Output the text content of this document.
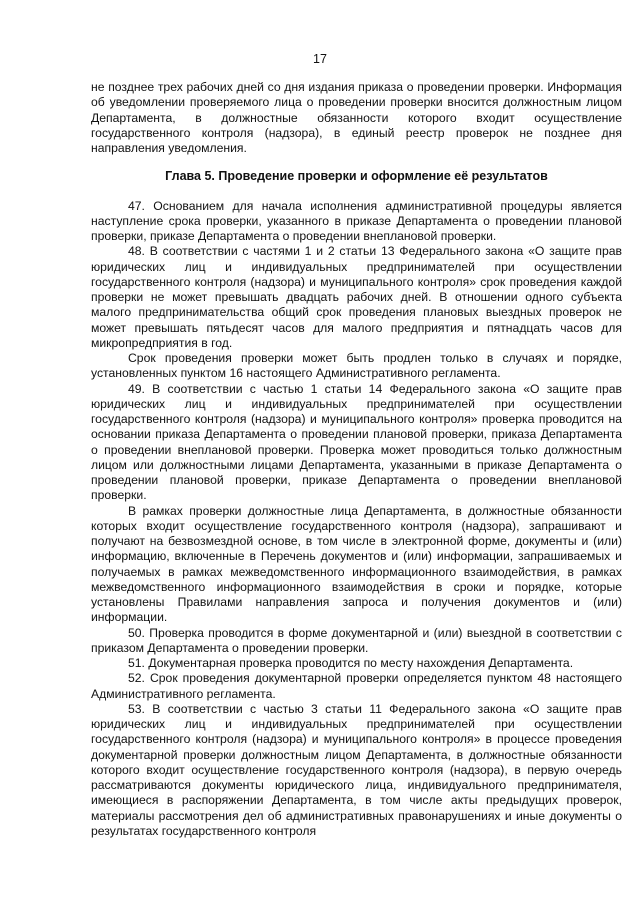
17

не позднее трех рабочих дней со дня издания приказа о проведении проверки. Информация об уведомлении проверяемого лица о проведении проверки вносится должностным лицом Департамента, в должностные обязанности которого входит осуществление государственного контроля (надзора), в единый реестр проверок не позднее дня направления уведомления.

Глава 5. Проведение проверки и оформление её результатов

47. Основанием для начала исполнения административной процедуры является наступление срока проверки, указанного в приказе Департамента о проведении плановой проверки, приказе Департамента о проведении внеплановой проверки.

48. В соответствии с частями 1 и 2 статьи 13 Федерального закона «О защите прав юридических лиц и индивидуальных предпринимателей при осуществлении государственного контроля (надзора) и муниципального контроля» срок проведения каждой проверки не может превышать двадцать рабочих дней. В отношении одного субъекта малого предпринимательства общий срок проведения плановых выездных проверок не может превышать пятьдесят часов для малого предприятия и пятнадцать часов для микропредприятия в год.

Срок проведения проверки может быть продлен только в случаях и порядке, установленных пунктом 16 настоящего Административного регламента.

49. В соответствии с частью 1 статьи 14 Федерального закона «О защите прав юридических лиц и индивидуальных предпринимателей при осуществлении государственного контроля (надзора) и муниципального контроля» проверка проводится на основании приказа Департамента о проведении плановой проверки, приказа Департамента о проведении внеплановой проверки. Проверка может проводиться только должностным лицом или должностными лицами Департамента, указанными в приказе Департамента о проведении плановой проверки, приказе Департамента о проведении внеплановой проверки.

В рамках проверки должностные лица Департамента, в должностные обязанности которых входит осуществление государственного контроля (надзора), запрашивают и получают на безвозмездной основе, в том числе в электронной форме, документы и (или) информацию, включенные в Перечень документов и (или) информации, запрашиваемых и получаемых в рамках межведомственного информационного взаимодействия, в рамках межведомственного информационного взаимодействия в сроки и порядке, которые установлены Правилами направления запроса и получения документов и (или) информации.

50. Проверка проводится в форме документарной и (или) выездной в соответствии с приказом Департамента о проведении проверки.

51. Документарная проверка проводится по месту нахождения Департамента.

52. Срок проведения документарной проверки определяется пунктом 48 настоящего Административного регламента.

53. В соответствии с частью 3 статьи 11 Федерального закона «О защите прав юридических лиц и индивидуальных предпринимателей при осуществлении государственного контроля (надзора) и муниципального контроля» в процессе проведения документарной проверки должностным лицом Департамента, в должностные обязанности которого входит осуществление государственного контроля (надзора), в первую очередь рассматриваются документы юридического лица, индивидуального предпринимателя, имеющиеся в распоряжении Департамента, в том числе акты предыдущих проверок, материалы рассмотрения дел об административных правонарушениях и иные документы о результатах государственного контроля
